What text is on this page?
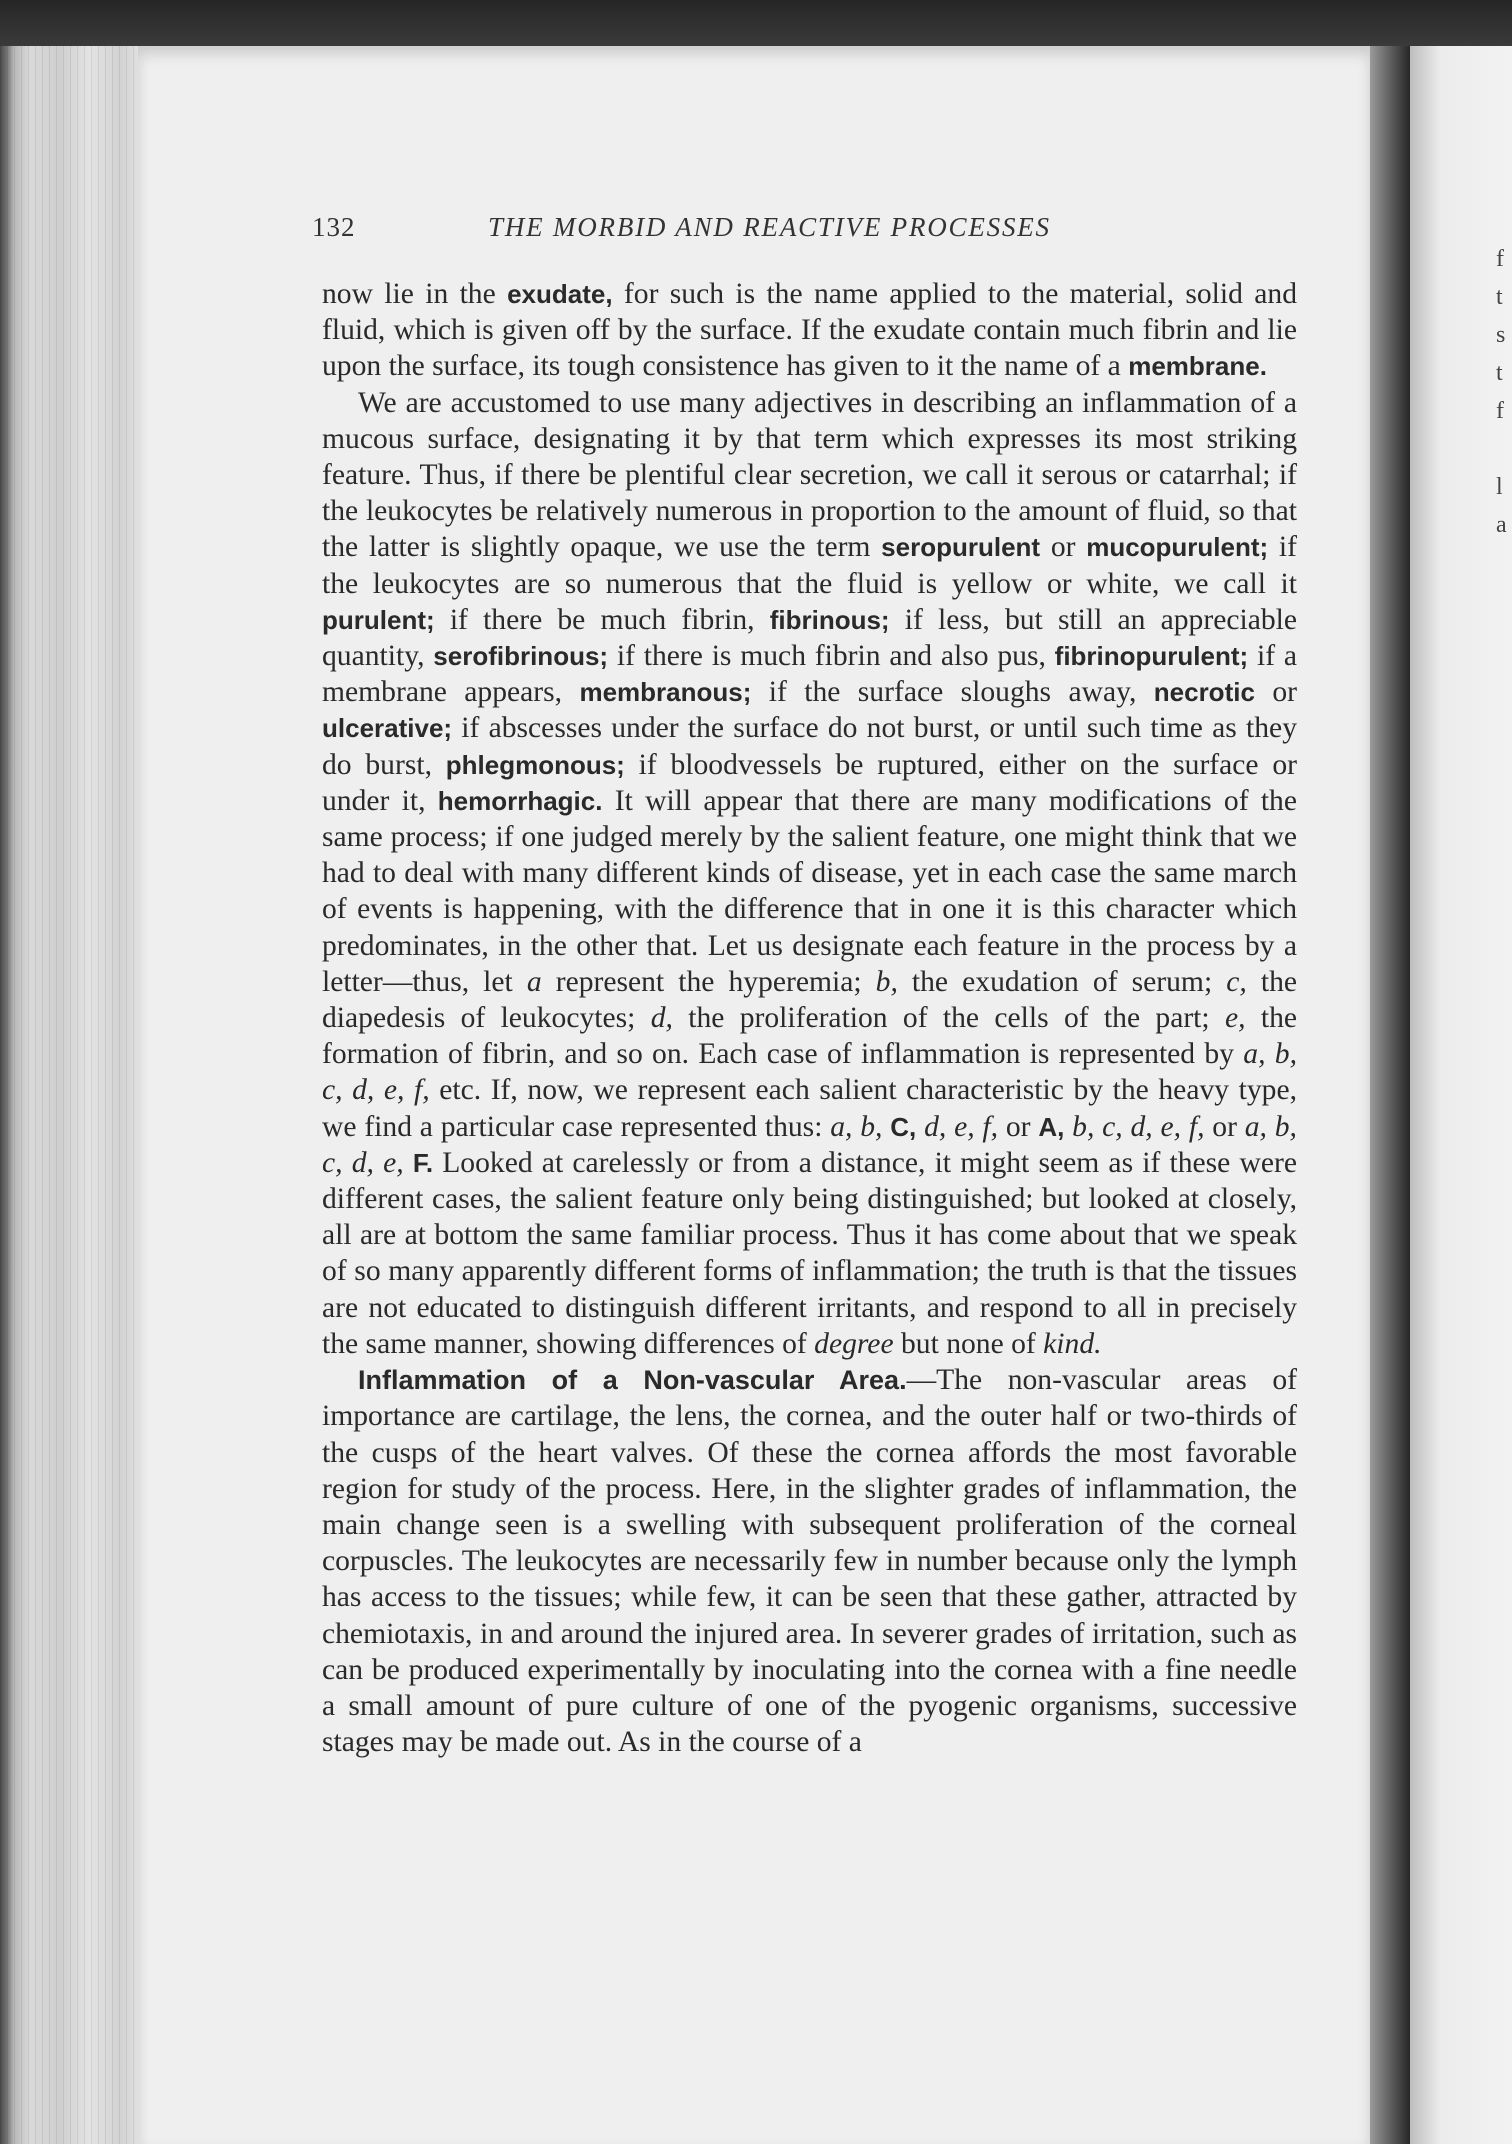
f
t
s
t
f
l
a
132	THE MORBID AND REACTIVE PROCESSES

now lie in the exudate, for such is the name applied to the material, solid and fluid, which is given off by the surface. If the exudate contain much fibrin and lie upon the surface, its tough consistence has given to it the name of a membrane.

We are accustomed to use many adjectives in describing an inflammation of a mucous surface, designating it by that term which expresses its most striking feature. Thus, if there be plentiful clear secretion, we call it serous or catarrhal; if the leukocytes be relatively numerous in proportion to the amount of fluid, so that the latter is slightly opaque, we use the term seropurulent or mucopurulent; if the leukocytes are so numerous that the fluid is yellow or white, we call it purulent; if there be much fibrin, fibrinous; if less, but still an appreciable quantity, serofibrinous; if there is much fibrin and also pus, fibrinopurulent; if a membrane appears, membranous; if the surface sloughs away, necrotic or ulcerative; if abscesses under the surface do not burst, or until such time as they do burst, phlegmonous; if bloodvessels be ruptured, either on the surface or under it, hemorrhagic. It will appear that there are many modifications of the same process; if one judged merely by the salient feature, one might think that we had to deal with many different kinds of disease, yet in each case the same march of events is happening, with the difference that in one it is this character which predominates, in the other that. Let us designate each feature in the process by a letter—thus, let a represent the hyperemia; b, the exudation of serum; c, the diapedesis of leukocytes; d, the proliferation of the cells of the part; e, the formation of fibrin, and so on. Each case of inflammation is represented by a, b, c, d, e, f, etc. If, now, we represent each salient characteristic by the heavy type, we find a particular case represented thus: a, b, C, d, e, f, or A, b, c, d, e, f, or a, b, c, d, e, F. Looked at carelessly or from a distance, it might seem as if these were different cases, the salient feature only being distinguished; but looked at closely, all are at bottom the same familiar process. Thus it has come about that we speak of so many apparently different forms of inflammation; the truth is that the tissues are not educated to distinguish different irritants, and respond to all in precisely the same manner, showing differences of degree but none of kind.

Inflammation of a Non-vascular Area.—The non-vascular areas of importance are cartilage, the lens, the cornea, and the outer half or two-thirds of the cusps of the heart valves. Of these the cornea affords the most favorable region for study of the process. Here, in the slighter grades of inflammation, the main change seen is a swelling with subsequent proliferation of the corneal corpuscles. The leukocytes are necessarily few in number because only the lymph has access to the tissues; while few, it can be seen that these gather, attracted by chemiotaxis, in and around the injured area. In severer grades of irritation, such as can be produced experimentally by inoculating into the cornea with a fine needle a small amount of pure culture of one of the pyogenic organisms, successive stages may be made out. As in the course of a
